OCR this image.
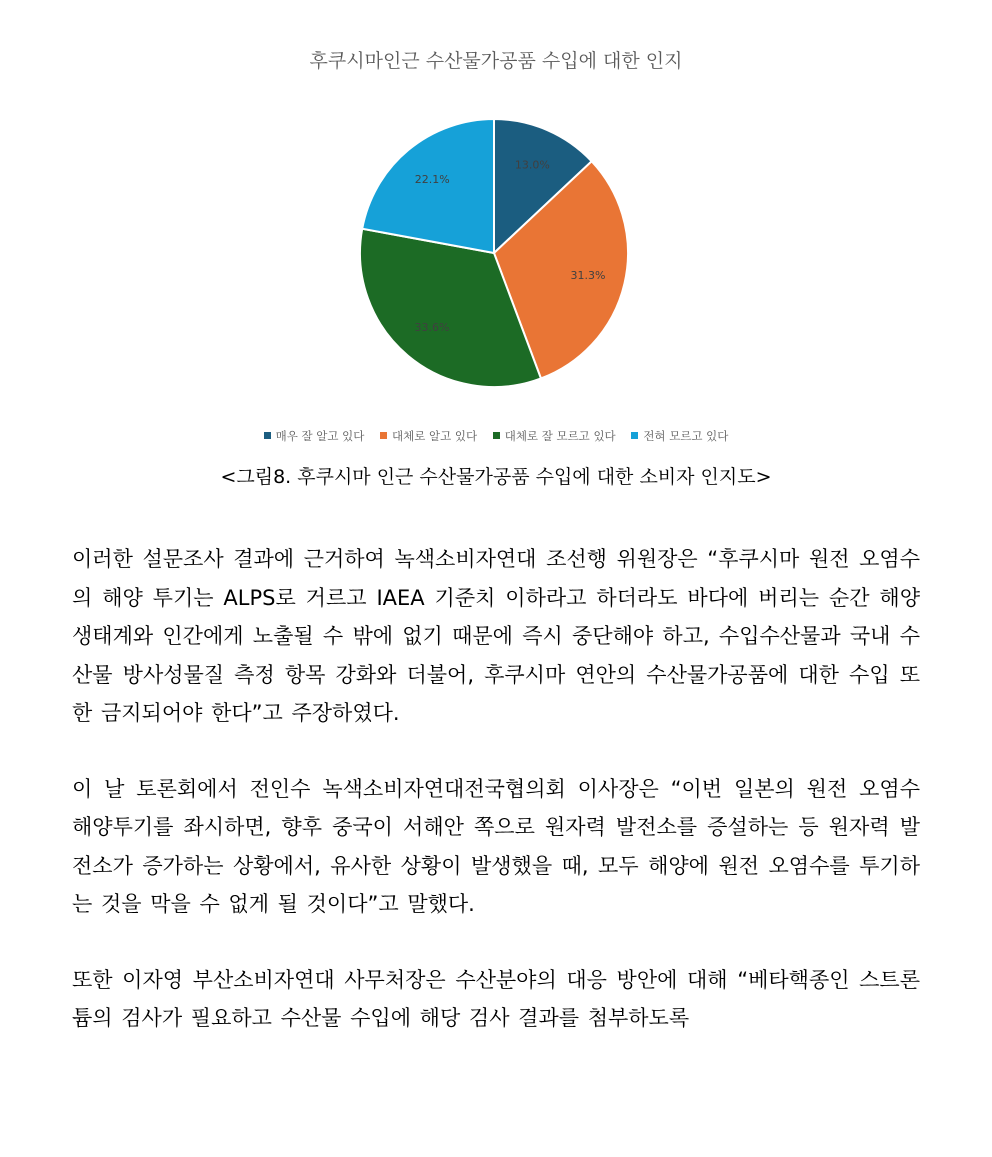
후쿠시마인근 수산물가공품 수입에 대한 인지
13.0%
31.3%
33.6%
22.1%
매우 잘 알고 있다 대체로 알고 있다 대체로 잘 모르고 있다 전혀 모르고 있다
<그림8. 후쿠시마 인근 수산물가공품 수입에 대한 소비자 인지도>

이러한 설문조사 결과에 근거하여 녹색소비자연대 조선행 위원장은 “후쿠시마 원전 오염수의 해양 투기는 ALPS로 거르고 IAEA 기준치 이하라고 하더라도 바다에 버리는 순간 해양생태계와 인간에게 노출될 수 밖에 없기 때문에 즉시 중단해야 하고, 수입수산물과 국내 수산물 방사성물질 측정 항목 강화와 더불어, 후쿠시마 연안의 수산물가공품에 대한 수입 또한 금지되어야 한다”고 주장하였다.

이 날 토론회에서 전인수 녹색소비자연대전국협의회 이사장은 “이번 일본의 원전 오염수 해양투기를 좌시하면, 향후 중국이 서해안 쪽으로 원자력 발전소를 증설하는 등 원자력 발전소가 증가하는 상황에서, 유사한 상황이 발생했을 때, 모두 해양에 원전 오염수를 투기하는 것을 막을 수 없게 될 것이다”고 말했다.

또한 이자영 부산소비자연대 사무처장은 수산분야의 대응 방안에 대해 “베타핵종인 스트론튬의 검사가 필요하고 수산물 수입에 해당 검사 결과를 첨부하도록
